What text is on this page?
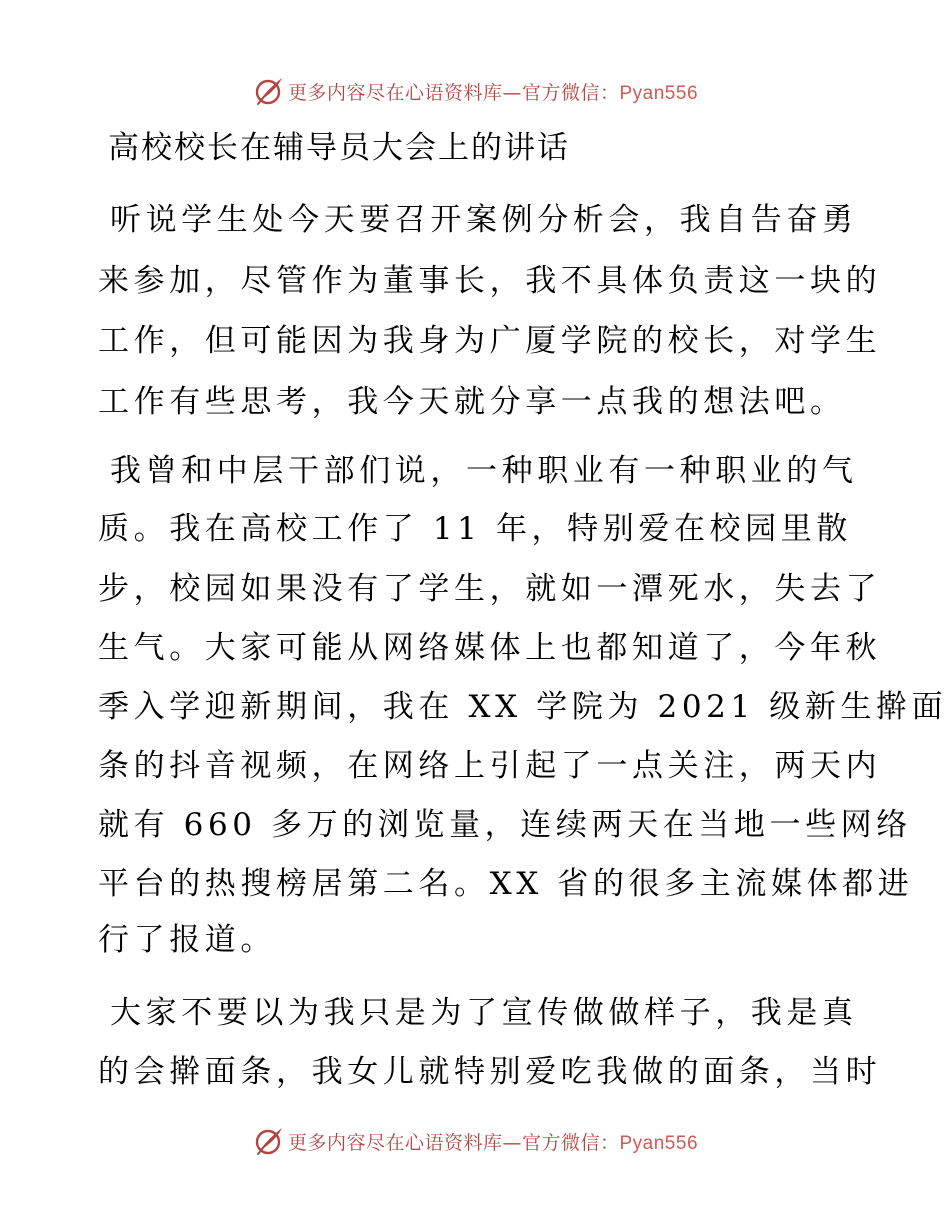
更多内容尽在心语资料库—官方微信：Pyan556
高校校长在辅导员大会上的讲话
听说学生处今天要召开案例分析会，我自告奋勇
来参加，尽管作为董事长，我不具体负责这一块的
工作，但可能因为我身为广厦学院的校长，对学生
工作有些思考，我今天就分享一点我的想法吧。
我曾和中层干部们说，一种职业有一种职业的气
质。我在高校工作了 11 年，特别爱在校园里散
步，校园如果没有了学生，就如一潭死水，失去了
生气。大家可能从网络媒体上也都知道了，今年秋
季入学迎新期间，我在 XX 学院为 2021 级新生擀面
条的抖音视频，在网络上引起了一点关注，两天内
就有 660 多万的浏览量，连续两天在当地一些网络
平台的热搜榜居第二名。XX 省的很多主流媒体都进
行了报道。
大家不要以为我只是为了宣传做做样子，我是真
的会擀面条，我女儿就特别爱吃我做的面条，当时
更多内容尽在心语资料库—官方微信：Pyan556
